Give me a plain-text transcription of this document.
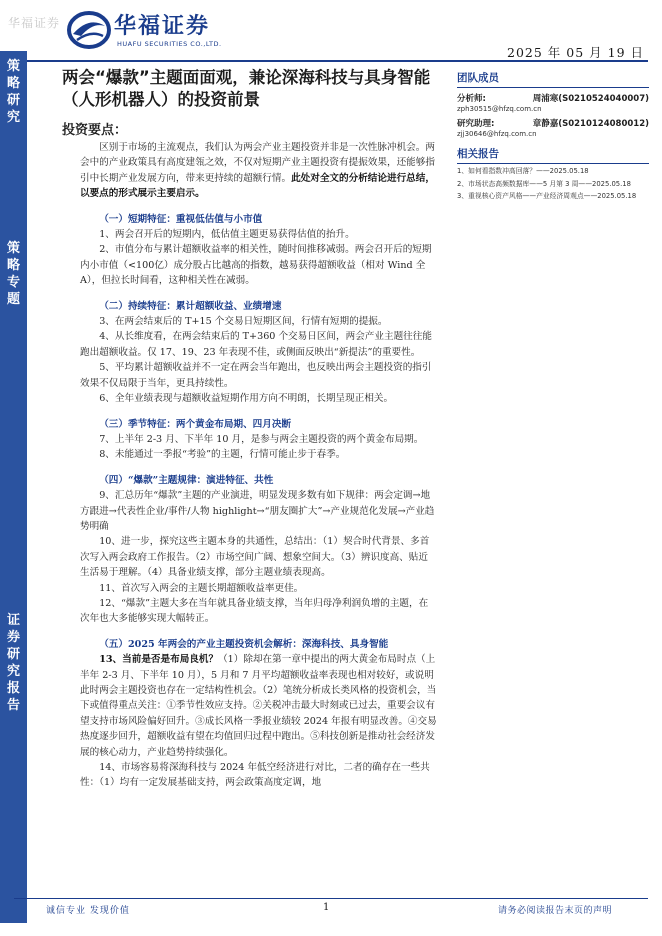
华福证券 华福证券
HUAFU SECURITIES CO.,LTD.
2025 年 05 月 19 日
策
略
研
究
策
略
专
题
证
券
研
究
报
告
两会“爆款”主题面面观，兼论深海科技与具身智能（人形机器人）的投资前景
投资要点：

区别于市场的主流观点，我们认为两会产业主题投资并非是一次性脉冲机会。两会中的产业政策具有高度建瓴之效，不仅对短期产业主题投资有提振效果，还能够指引中长期产业发展方向，带来更持续的超额行情。此处对全文的分析结论进行总结，以要点的形式展示主要启示。

（一）短期特征：重视低估值与小市值

1、两会召开后的短期内，低估值主题更易获得估值的抬升。

2、市值分布与累计超额收益率的相关性，随时间推移减弱。两会召开后的短期内小市值（<100亿）成分股占比越高的指数，越易获得超额收益（相对 Wind 全 A），但拉长时间看，这种相关性在减弱。

（二）持续特征：累计超额收益、业绩增速

3、在两会结束后的 T+15 个交易日短期区间，行情有短期的提振。

4、从长维度看，在两会结束后的 T+360 个交易日区间，两会产业主题往往能跑出超额收益。仅 17、19、23 年表现不佳，或侧面反映出“新提法”的重要性。

5、平均累计超额收益并不一定在两会当年跑出，也反映出两会主题投资的指引效果不仅局限于当年，更具持续性。

6、全年业绩表现与超额收益短期作用方向不明朗，长期呈现正相关。

（三）季节特征：两个黄金布局期、四月决断

7、上半年 2-3 月、下半年 10 月，是参与两会主题投资的两个黄金布局期。

8、未能通过一季报“考验”的主题，行情可能止步于春季。

（四）“爆款”主题规律：演进特征、共性

9、汇总历年“爆款”主题的产业演进，明显发现多数有如下规律：两会定调→地方跟进→代表性企业/事件/人物 highlight→“朋友圈扩大”→产业规范化发展→产业趋势明确

10、进一步，探究这些主题本身的共通性，总结出：（1）契合时代背景、多首次写入两会政府工作报告。（2）市场空间广阔、想象空间大。（3）辨识度高、贴近生活易于理解。（4）具备业绩支撑，部分主题业绩表现高。

11、首次写入两会的主题长期超额收益率更佳。

12、“爆款”主题大多在当年就具备业绩支撑，当年归母净利润负增的主题，在次年也大多能够实现大幅转正。

（五）2025 年两会的产业主题投资机会解析：深海科技、具身智能

13、当前是否是布局良机？（1）除却在第一章中提出的两大黄金布局时点（上半年 2-3 月、下半年 10 月），5 月和 7 月平均超额收益率表现也相对较好，或说明此时两会主题投资也存在一定结构性机会。（2）笔统分析成长类风格的投资机会，当下或值得重点关注：①季节性效应支持。②关税冲击最大时刻或已过去，重要会议有望支持市场风险偏好回升。③成长风格一季报业绩较 2024 年报有明显改善。④交易热度逐步回升，超额收益有望在均值回归过程中跑出。⑤科技创新是推动社会经济发展的核心动力，产业趋势持续强化。

14、市场容易将深海科技与 2024 年低空经济进行对比，二者的确存在一些共性：（1）均有一定发展基础支持，两会政策高度定调，地

团队成员
分析师:	周浦寒(S0210524040007)
zph30515@hfzq.com.cn
研究助理:	章静嘉(S0210124080012)
zjj30646@hfzq.com.cn
相关报告
1、如何看指数冲高回落？——2025.05.18
2、市场状态高频数据库——5 月第 3 周——2025.05.18
3、重视核心资产风格——产业经济周观点——2025.05.18
诚信专业 发现价值	1	请务必阅读报告末页的声明
